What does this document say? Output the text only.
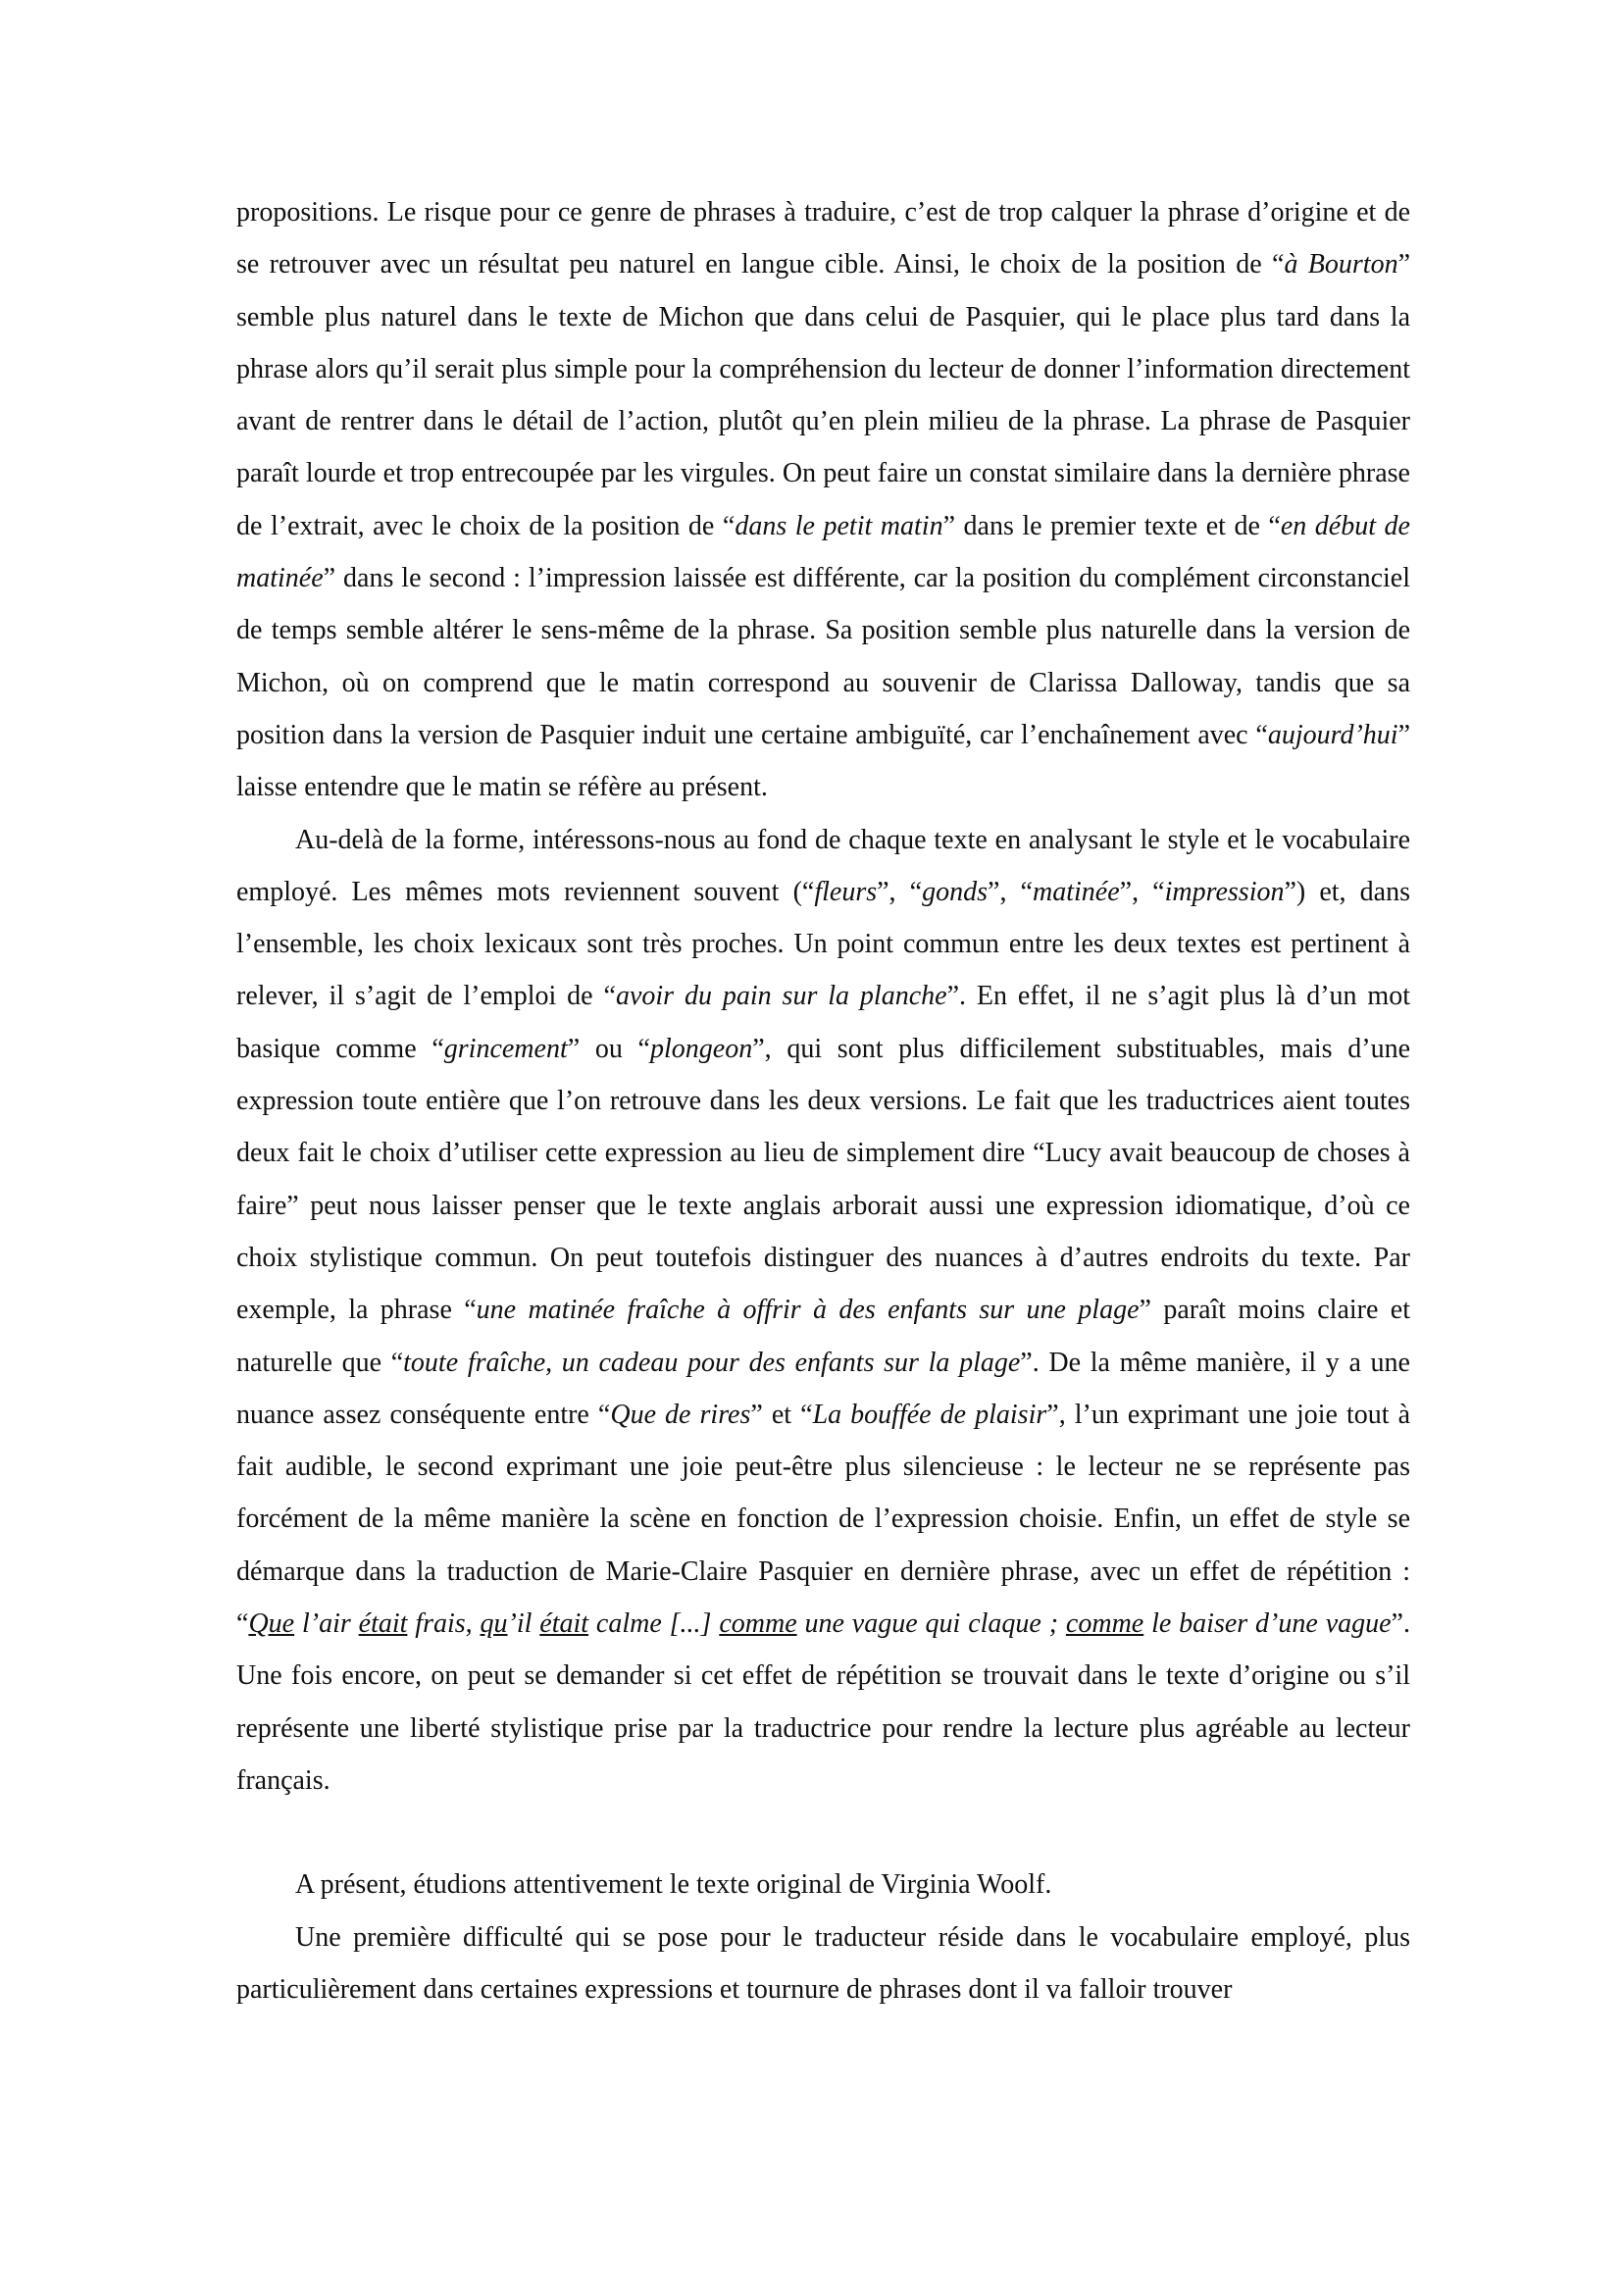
propositions. Le risque pour ce genre de phrases à traduire, c’est de trop calquer la phrase d’origine et de se retrouver avec un résultat peu naturel en langue cible. Ainsi, le choix de la position de “à Bourton” semble plus naturel dans le texte de Michon que dans celui de Pasquier, qui le place plus tard dans la phrase alors qu’il serait plus simple pour la compréhension du lecteur de donner l’information directement avant de rentrer dans le détail de l’action, plutôt qu’en plein milieu de la phrase. La phrase de Pasquier paraît lourde et trop entrecoupée par les virgules. On peut faire un constat similaire dans la dernière phrase de l’extrait, avec le choix de la position de “dans le petit matin” dans le premier texte et de “en début de matinée” dans le second : l’impression laissée est différente, car la position du complément circonstanciel de temps semble altérer le sens-même de la phrase. Sa position semble plus naturelle dans la version de Michon, où on comprend que le matin correspond au souvenir de Clarissa Dalloway, tandis que sa position dans la version de Pasquier induit une certaine ambiguïté, car l’enchaînement avec “aujourd’hui” laisse entendre que le matin se réfère au présent.

Au-delà de la forme, intéressons-nous au fond de chaque texte en analysant le style et le vocabulaire employé. Les mêmes mots reviennent souvent (“fleurs”, “gonds”, “matinée”, “impression”) et, dans l’ensemble, les choix lexicaux sont très proches. Un point commun entre les deux textes est pertinent à relever, il s’agit de l’emploi de “avoir du pain sur la planche”. En effet, il ne s’agit plus là d’un mot basique comme “grincement” ou “plongeon”, qui sont plus difficilement substituables, mais d’une expression toute entière que l’on retrouve dans les deux versions. Le fait que les traductrices aient toutes deux fait le choix d’utiliser cette expression au lieu de simplement dire “Lucy avait beaucoup de choses à faire” peut nous laisser penser que le texte anglais arborait aussi une expression idiomatique, d’où ce choix stylistique commun. On peut toutefois distinguer des nuances à d’autres endroits du texte. Par exemple, la phrase “une matinée fraîche à offrir à des enfants sur une plage” paraît moins claire et naturelle que “toute fraîche, un cadeau pour des enfants sur la plage”. De la même manière, il y a une nuance assez conséquente entre “Que de rires” et “La bouffée de plaisir”, l’un exprimant une joie tout à fait audible, le second exprimant une joie peut-être plus silencieuse : le lecteur ne se représente pas forcément de la même manière la scène en fonction de l’expression choisie. Enfin, un effet de style se démarque dans la traduction de Marie-Claire Pasquier en dernière phrase, avec un effet de répétition : “Que l’air était frais, qu’il était calme [...] comme une vague qui claque ; comme le baiser d’une vague”. Une fois encore, on peut se demander si cet effet de répétition se trouvait dans le texte d’origine ou s’il représente une liberté stylistique prise par la traductrice pour rendre la lecture plus agréable au lecteur français.

A présent, étudions attentivement le texte original de Virginia Woolf.

Une première difficulté qui se pose pour le traducteur réside dans le vocabulaire employé, plus particulièrement dans certaines expressions et tournure de phrases dont il va falloir trouver
